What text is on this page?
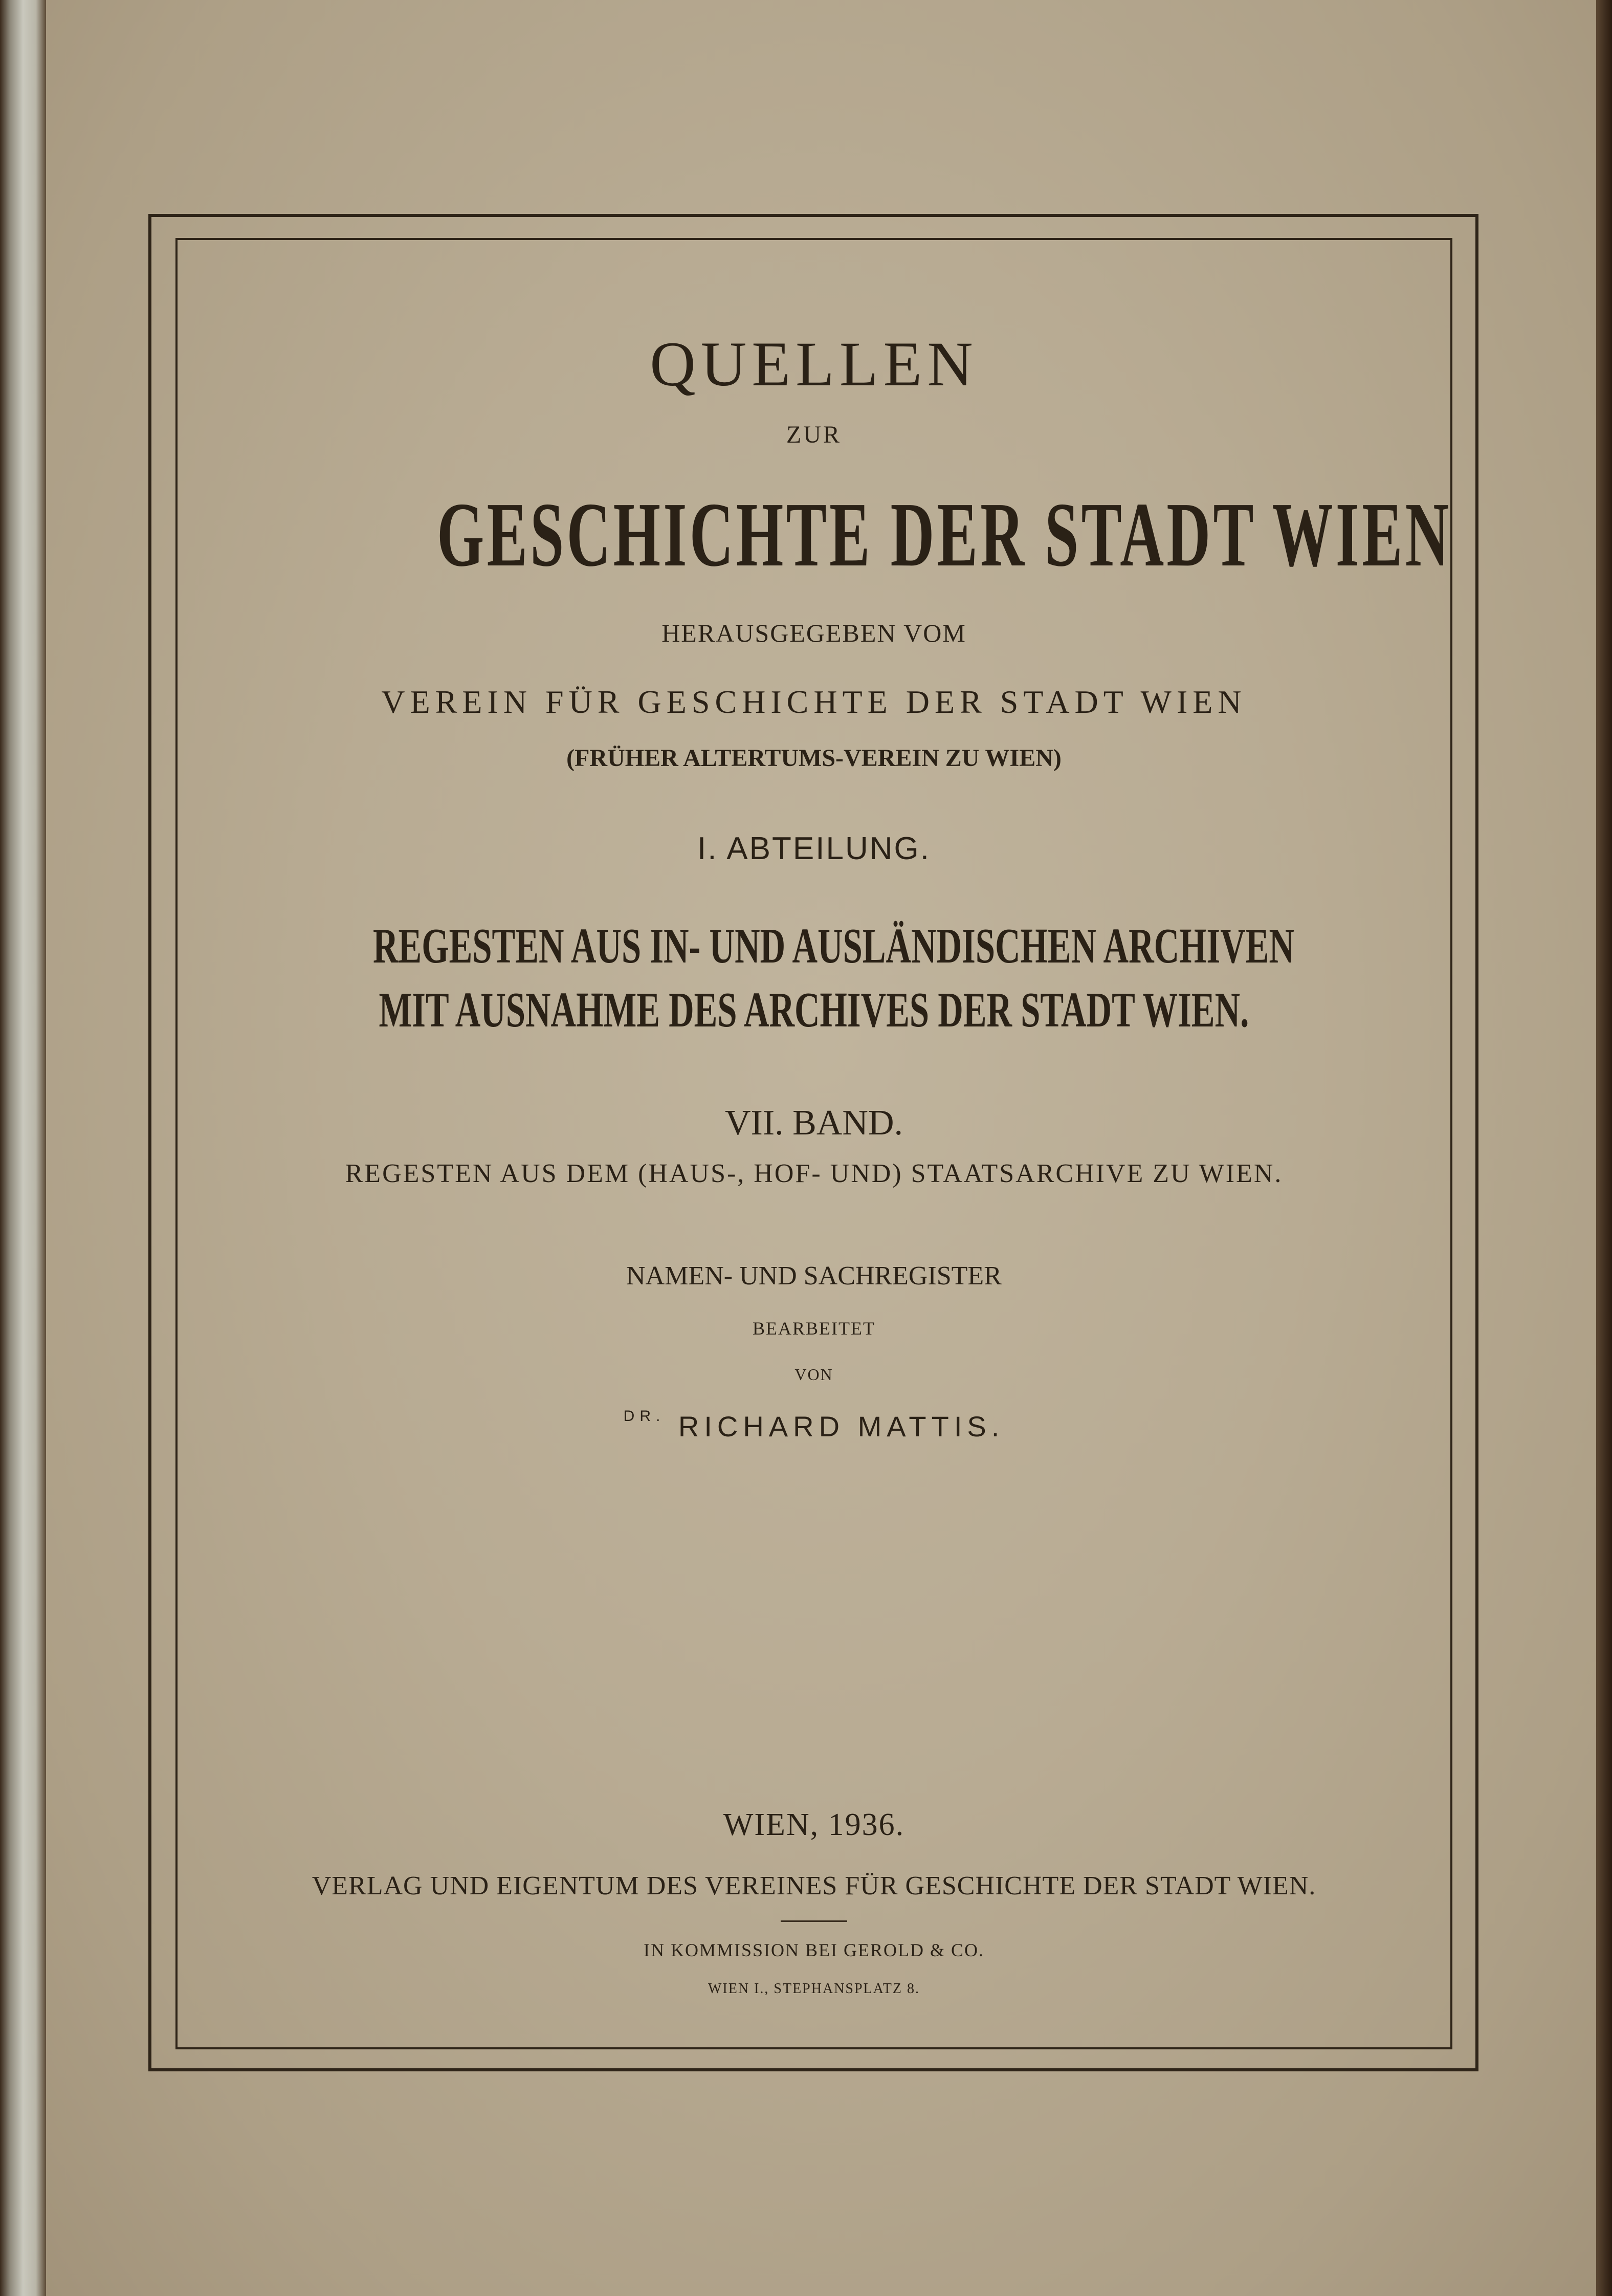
QUELLEN
ZUR
GESCHICHTE DER STADT WIEN
HERAUSGEGEBEN VOM
VEREIN FÜR GESCHICHTE DER STADT WIEN
(FRÜHER ALTERTUMS-VEREIN ZU WIEN)
I. ABTEILUNG.
REGESTEN AUS IN- UND AUSLÄNDISCHEN ARCHIVEN
MIT AUSNAHME DES ARCHIVES DER STADT WIEN.
VII. BAND.
REGESTEN AUS DEM (HAUS-, HOF- UND) STAATSARCHIVE ZU WIEN.
NAMEN- UND SACHREGISTER
BEARBEITET
VON
$^{DR.}$ RICHARD MATTIS.
WIEN, 1936.
VERLAG UND EIGENTUM DES VEREINES FÜR GESCHICHTE DER STADT WIEN.
IN KOMMISSION BEI GEROLD & CO.
WIEN I., STEPHANSPLATZ 8.
